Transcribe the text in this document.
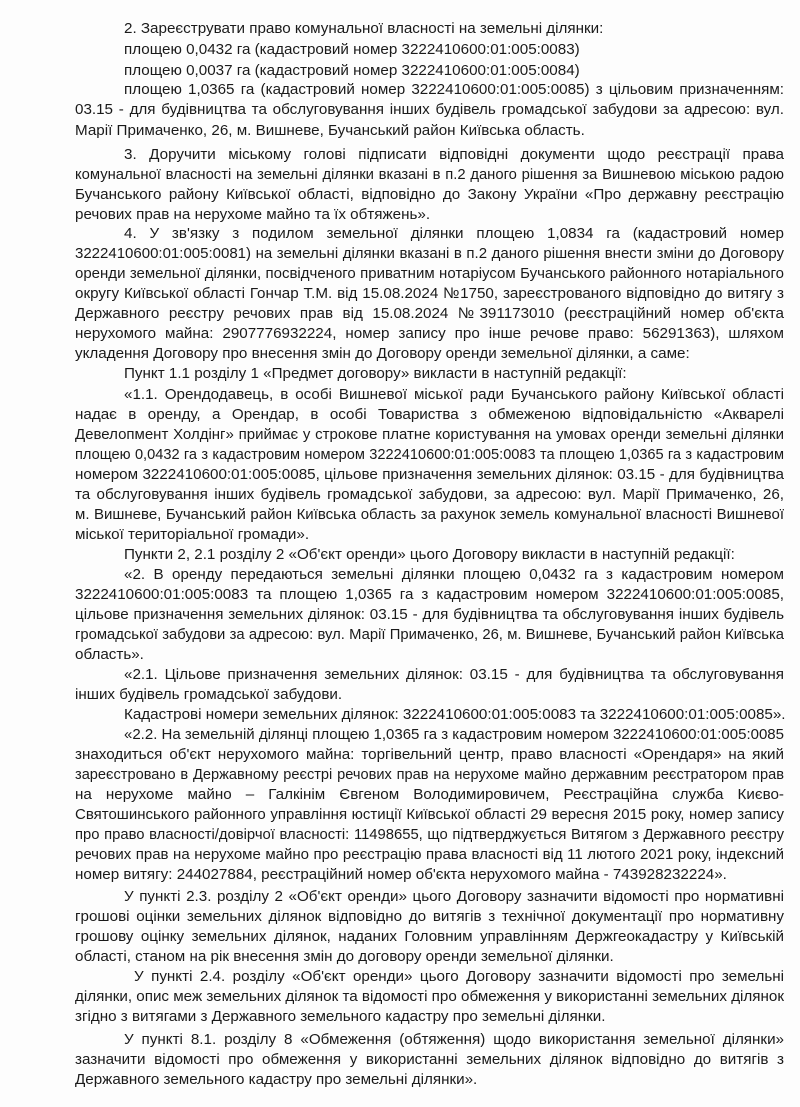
2. Зареєструвати право комунальної власності на земельні ділянки:

площею 0,0432 га (кадастровий номер 3222410600:01:005:0083)

площею 0,0037 га (кадастровий номер 3222410600:01:005:0084)

площею 1,0365 га (кадастровий номер 3222410600:01:005:0085) з цільовим призначенням:
03.15 - для будівництва та обслуговування інших будівель громадської забудови за адресою: вул.

Марії Примаченко, 26, м. Вишневе, Бучанський район Київська область.

3. Доручити міському голові підписати відповідні документи щодо реєстрації права
комунальної власності на земельні ділянки вказані в п.2 даного рішення за Вишневою міською радою
Бучанського району Київської області, відповідно до Закону України «Про державну реєстрацію

речових прав на нерухоме майно та їх обтяжень».

4. У зв'язку з подилом земельної ділянки площею 1,0834 га (кадастровий номер
3222410600:01:005:0081) на земельні ділянки вказані в п.2 даного рішення внести зміни до Договору
оренди земельної ділянки, посвідченого приватним нотаріусом Бучанського районного нотаріального
округу Київської області Гончар Т.М. від 15.08.2024 №1750, зареєстрованого відповідно до витягу з
Державного реєстру речових прав від 15.08.2024 №391173010 (реєстраційний номер об'єкта
нерухомого майна: 2907776932224, номер запису про інше речове право: 56291363), шляхом

укладення Договору про внесення змін до Договору оренди земельної ділянки, а саме:

Пункт 1.1 розділу 1 «Предмет договору» викласти в наступній редакції:

«1.1. Орендодавець, в особі Вишневої міської ради Бучанського району Київської області
надає в оренду, а Орендар, в особі Товариства з обмеженою відповідальністю «Акварелі
Девелопмент Холдінг» приймає у строкове платне користування на умовах оренди земельні ділянки
площею 0,0432 га з кадастровим номером 3222410600:01:005:0083 та площею 1,0365 га з кадастровим
номером 3222410600:01:005:0085, цільове призначення земельних ділянок: 03.15 - для будівництва
та обслуговування інших будівель громадської забудови, за адресою: вул. Марії Примаченко, 26,
м. Вишневе, Бучанський район Київська область за рахунок земель комунальної власності Вишневої

міської територіальної громади».

Пункти 2, 2.1 розділу 2 «Об'єкт оренди» цього Договору викласти в наступній редакції:

«2. В оренду передаються земельні ділянки площею 0,0432 га з кадастровим номером
3222410600:01:005:0083 та площею 1,0365 га з кадастровим номером 3222410600:01:005:0085,
цільове призначення земельних ділянок: 03.15 - для будівництва та обслуговування інших будівель
громадської забудови за адресою: вул. Марії Примаченко, 26, м. Вишневе, Бучанський район Київська

область».

«2.1. Цільове призначення земельних ділянок: 03.15 - для будівництва та обслуговування

інших будівель громадської забудови.

Кадастрові номери земельних ділянок: 3222410600:01:005:0083 та 3222410600:01:005:0085».

«2.2. На земельній ділянці площею 1,0365 га з кадастровим номером 3222410600:01:005:0085
знаходиться об'єкт нерухомого майна: торгівельний центр, право власності «Орендаря» на який
зареєстровано в Державному реєстрі речових прав на нерухоме майно державним реєстратором прав
на нерухоме майно – Галкінім Євгеном Володимировичем, Реєстраційна служба Києво-
Святошинського районного управління юстиції Київської області 29 вересня 2015 року, номер запису
про право власності/довірчої власності: 11498655, що підтверджується Витягом з Державного реєстру
речових прав на нерухоме майно про реєстрацію права власності від 11 лютого 2021 року, індексний

номер витягу: 244027884, реєстраційний номер об'єкта нерухомого майна - 743928232224».

У пункті 2.3. розділу 2 «Об'єкт оренди» цього Договору зазначити відомості про нормативні
грошові оцінки земельних ділянок відповідно до витягів з технічної документації про нормативну
грошову оцінку земельних ділянок, наданих Головним управлінням Держгеокадастру у Київській

області, станом на рік внесення змін до договору оренди земельної ділянки.

У пункті 2.4. розділу «Об'єкт оренди» цього Договору зазначити відомості про земельні
ділянки, опис меж земельних ділянок та відомості про обмеження у використанні земельних ділянок

згідно з витягами з Державного земельного кадастру про земельні ділянки.

У пункті 8.1. розділу 8 «Обмеження (обтяження) щодо використання земельної ділянки»
зазначити відомості про обмеження у використанні земельних ділянок відповідно до витягів з

Державного земельного кадастру про земельні ділянки».
